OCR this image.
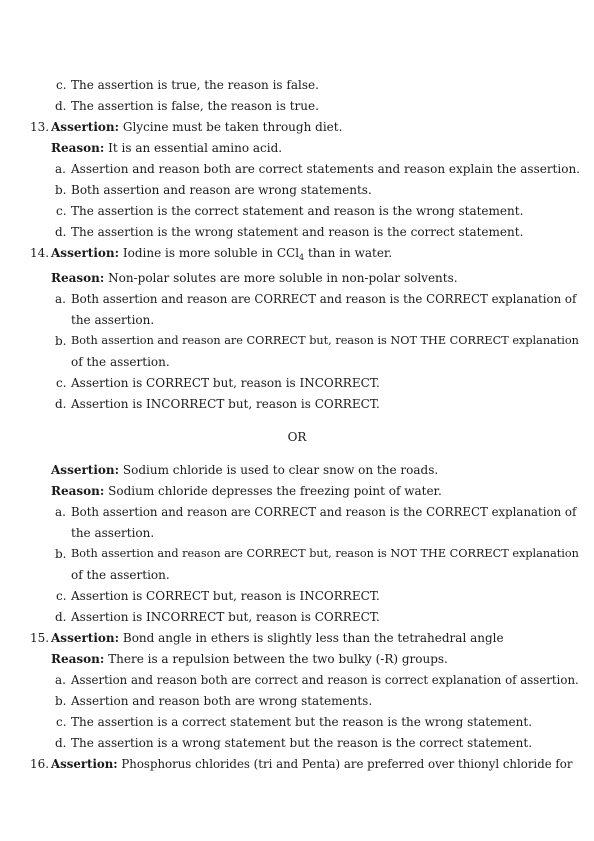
c. The assertion is true, the reason is false.
d. The assertion is false, the reason is true.
13. Assertion: Glycine must be taken through diet.
Reason: It is an essential amino acid.
a. Assertion and reason both are correct statements and reason explain the assertion.
b. Both assertion and reason are wrong statements.
c. The assertion is the correct statement and reason is the wrong statement.
d. The assertion is the wrong statement and reason is the correct statement.
14. Assertion: Iodine is more soluble in CCl$_4$ than in water.
Reason: Non-polar solutes are more soluble in non-polar solvents.
a. Both assertion and reason are CORRECT and reason is the CORRECT explanation of
the assertion.
b. Both assertion and reason are CORRECT but, reason is NOT THE CORRECT explanation
of the assertion.
c. Assertion is CORRECT but, reason is INCORRECT.
d. Assertion is INCORRECT but, reason is CORRECT.
OR
Assertion: Sodium chloride is used to clear snow on the roads.
Reason: Sodium chloride depresses the freezing point of water.
a. Both assertion and reason are CORRECT and reason is the CORRECT explanation of
the assertion.
b. Both assertion and reason are CORRECT but, reason is NOT THE CORRECT explanation
of the assertion.
c. Assertion is CORRECT but, reason is INCORRECT.
d. Assertion is INCORRECT but, reason is CORRECT.
15. Assertion: Bond angle in ethers is slightly less than the tetrahedral angle
Reason: There is a repulsion between the two bulky (-R) groups.
a. Assertion and reason both are correct and reason is correct explanation of assertion.
b. Assertion and reason both are wrong statements.
c. The assertion is a correct statement but the reason is the wrong statement.
d. The assertion is a wrong statement but the reason is the correct statement.
16. Assertion: Phosphorus chlorides (tri and Penta) are preferred over thionyl chloride for
